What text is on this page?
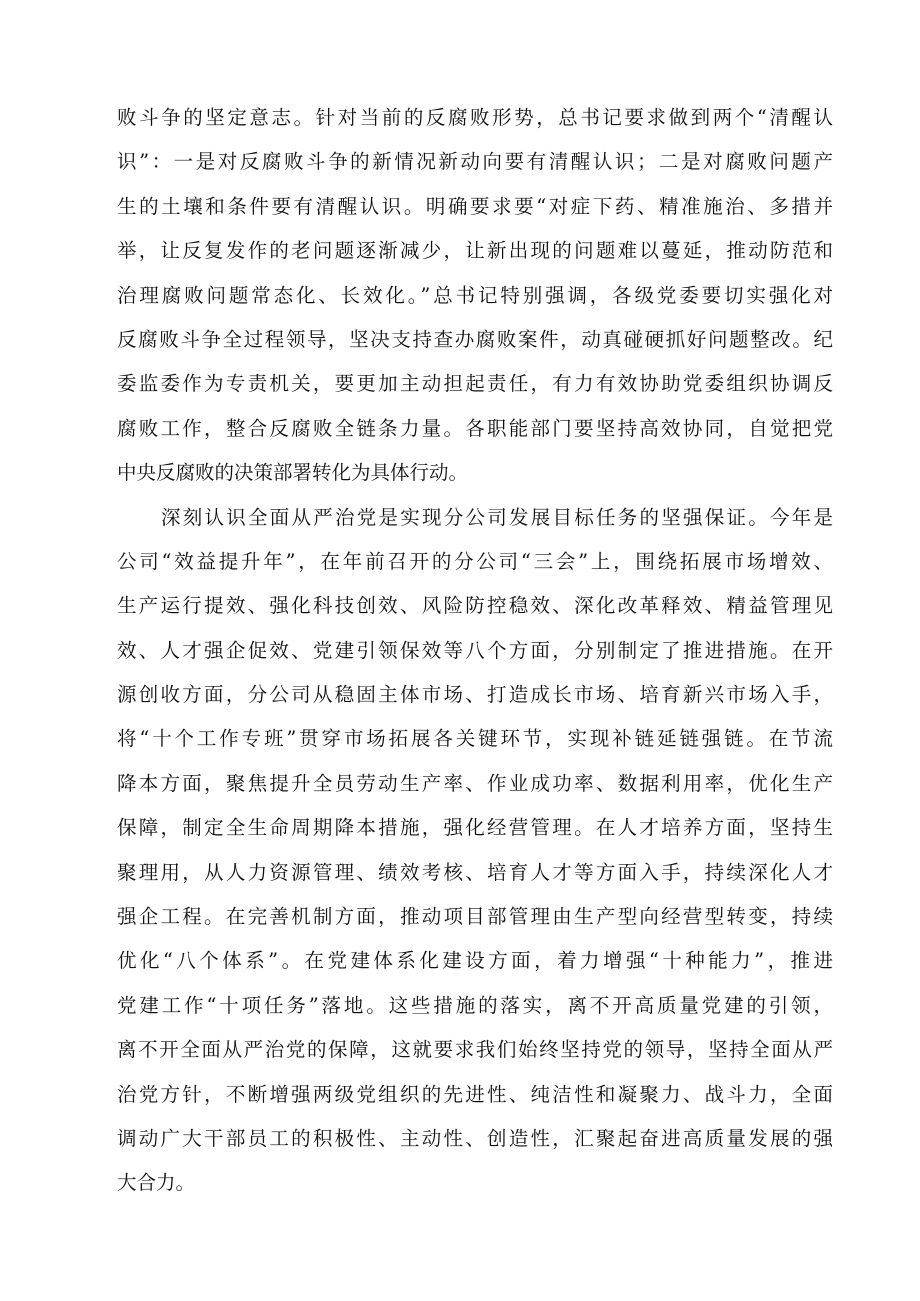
败斗争的坚定意志。针对当前的反腐败形势，总书记要求做到两个“清醒认
识”：一是对反腐败斗争的新情况新动向要有清醒认识；二是对腐败问题产
生的土壤和条件要有清醒认识。明确要求要“对症下药、精准施治、多措并
举，让反复发作的老问题逐渐减少，让新出现的问题难以蔓延，推动防范和
治理腐败问题常态化、长效化。”总书记特别强调，各级党委要切实强化对
反腐败斗争全过程领导，坚决支持查办腐败案件，动真碰硬抓好问题整改。纪
委监委作为专责机关，要更加主动担起责任，有力有效协助党委组织协调反
腐败工作，整合反腐败全链条力量。各职能部门要坚持高效协同，自觉把党
中央反腐败的决策部署转化为具体行动。
深刻认识全面从严治党是实现分公司发展目标任务的坚强保证。今年是
公司“效益提升年”，在年前召开的分公司“三会”上，围绕拓展市场增效、
生产运行提效、强化科技创效、风险防控稳效、深化改革释效、精益管理见
效、人才强企促效、党建引领保效等八个方面，分别制定了推进措施。在开
源创收方面，分公司从稳固主体市场、打造成长市场、培育新兴市场入手，
将“十个工作专班”贯穿市场拓展各关键环节，实现补链延链强链。在节流
降本方面，聚焦提升全员劳动生产率、作业成功率、数据利用率，优化生产
保障，制定全生命周期降本措施，强化经营管理。在人才培养方面，坚持生
聚理用，从人力资源管理、绩效考核、培育人才等方面入手，持续深化人才
强企工程。在完善机制方面，推动项目部管理由生产型向经营型转变，持续
优化“八个体系”。在党建体系化建设方面，着力增强“十种能力”，推进
党建工作“十项任务”落地。这些措施的落实，离不开高质量党建的引领，
离不开全面从严治党的保障，这就要求我们始终坚持党的领导，坚持全面从严
治党方针，不断增强两级党组织的先进性、纯洁性和凝聚力、战斗力，全面
调动广大干部员工的积极性、主动性、创造性，汇聚起奋进高质量发展的强
大合力。
